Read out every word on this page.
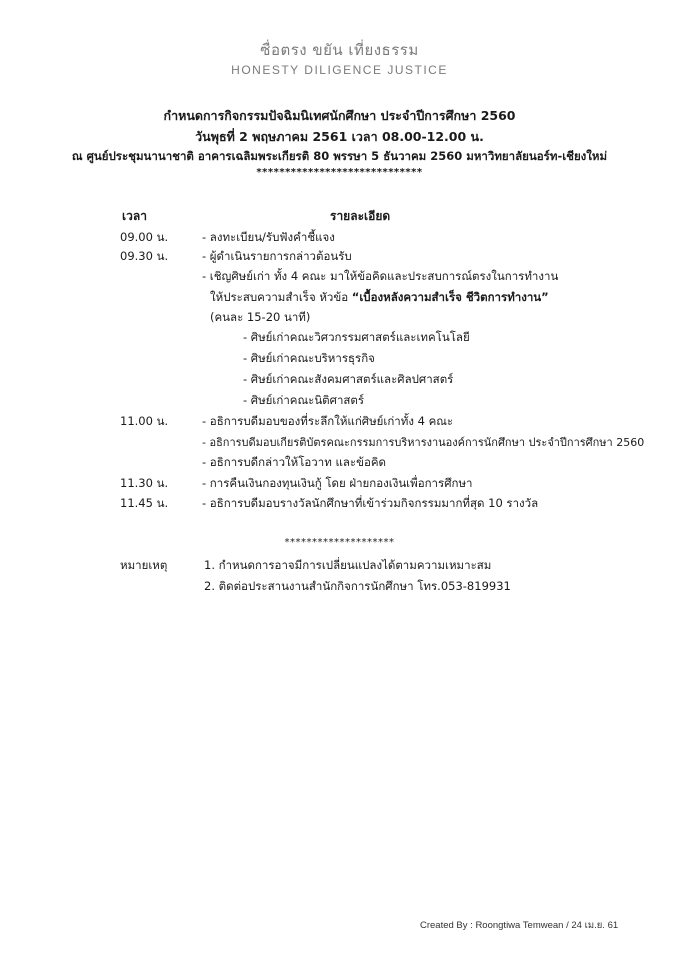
ซื่อตรง ขยัน เที่ยงธรรม
HONESTY DILIGENCE JUSTICE
กำหนดการกิจกรรมปัจฉิมนิเทศนักศึกษา ประจำปีการศึกษา 2560
วันพุธที่ 2 พฤษภาคม 2561 เวลา 08.00-12.00 น.
ณ ศูนย์ประชุมนานาชาติ อาคารเฉลิมพระเกียรติ 80 พรรษา 5 ธันวาคม 2560 มหาวิทยาลัยนอร์ท-เชียงใหม่
*****************************
เวลา	รายละเอียด
09.00 น.	- ลงทะเบียน/รับฟังคำชี้แจง
09.30 น.	- ผู้ดำเนินรายการกล่าวต้อนรับ
- เชิญศิษย์เก่า ทั้ง 4 คณะ มาให้ข้อคิดและประสบการณ์ตรงในการทำงาน
ให้ประสบความสำเร็จ หัวข้อ “เบื้องหลังความสำเร็จ ชีวิตการทำงาน”
(คนละ 15-20 นาที)
- ศิษย์เก่าคณะวิศวกรรมศาสตร์และเทคโนโลยี
- ศิษย์เก่าคณะบริหารธุรกิจ
- ศิษย์เก่าคณะสังคมศาสตร์และศิลปศาสตร์
- ศิษย์เก่าคณะนิติศาสตร์
11.00 น.	- อธิการบดีมอบของที่ระลึกให้แก่ศิษย์เก่าทั้ง 4 คณะ
- อธิการบดีมอบเกียรติบัตรคณะกรรมการบริหารงานองค์การนักศึกษา ประจำปีการศึกษา 2560
- อธิการบดีกล่าวให้โอวาท และข้อคิด
11.30 น.	- การคืนเงินกองทุนเงินกู้ โดย ฝ่ายกองเงินเพื่อการศึกษา
11.45 น.	- อธิการบดีมอบรางวัลนักศึกษาที่เข้าร่วมกิจกรรมมากที่สุด 10 รางวัล
********************
หมายเหตุ	1. กำหนดการอาจมีการเปลี่ยนแปลงได้ตามความเหมาะสม
2. ติดต่อประสานงานสำนักกิจการนักศึกษา โทร.053-819931
Created By : Roongtiwa Temwean / 24 เม.ย. 61
